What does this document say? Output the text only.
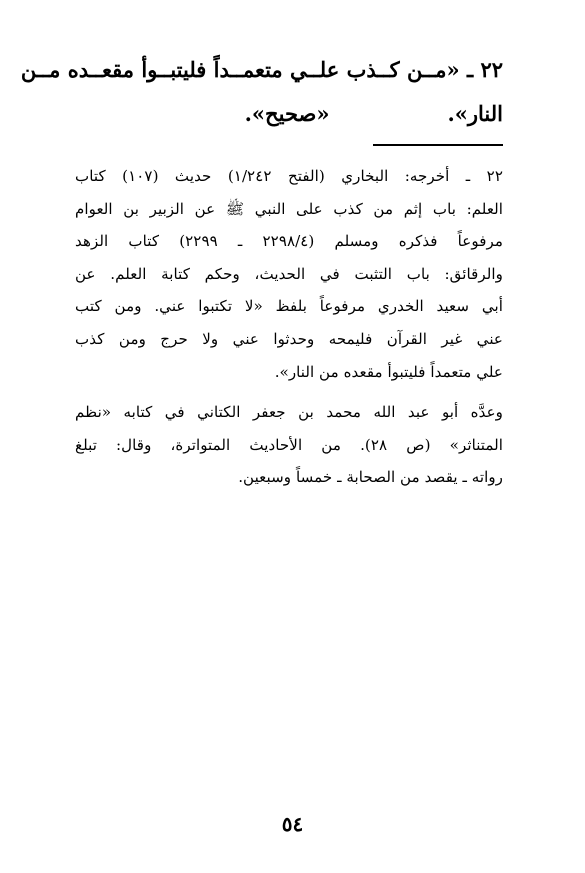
٢٢ ـ «مــن كــذب علــي متعمــداً فليتبــوأ مقعــده مــن
النار».
«صحيح».
٢٢ ـ أخرجه: البخاري (الفتح ١/٢٤٢) حديث (١٠٧) كتاب
العلم: باب إثم من كذب على النبي ﷺ عن الزبير بن العوام
مرفوعاً فذكره ومسلم (٢٢٩٨/٤ ـ ٢٢٩٩) كتاب الزهد
والرقائق: باب التثبت في الحديث، وحكم كتابة العلم. عن
أبي سعيد الخدري مرفوعاً بلفظ «لا تكتبوا عني. ومن كتب
عني غير القرآن فليمحه وحدثوا عني ولا حرج ومن كذب
علي متعمداً فليتبوأ مقعده من النار».
وعدَّه أبو عبد الله محمد بن جعفر الكتاني في كتابه «نظم
المتناثر» (ص ٢٨). من الأحاديث المتواترة، وقال: تبلغ
رواته ـ يقصد من الصحابة ـ خمساً وسبعين.
٥٤
